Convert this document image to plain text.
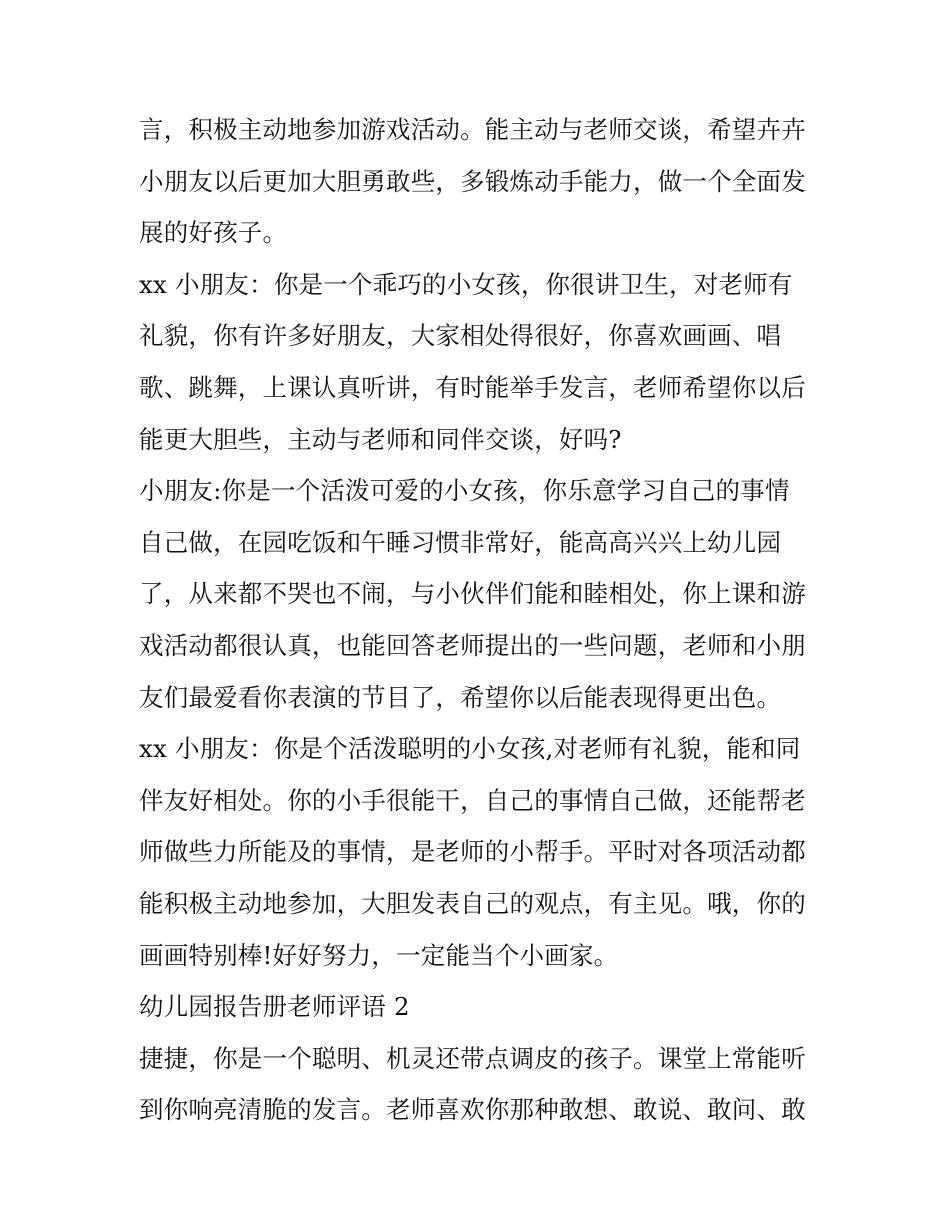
言，积极主动地参加游戏活动。能主动与老师交谈，希望卉卉
小朋友以后更加大胆勇敢些，多锻炼动手能力，做一个全面发
展的好孩子。
xx 小朋友：你是一个乖巧的小女孩，你很讲卫生，对老师有
礼貌，你有许多好朋友，大家相处得很好，你喜欢画画、唱
歌、跳舞，上课认真听讲，有时能举手发言，老师希望你以后
能更大胆些，主动与老师和同伴交谈，好吗?
小朋友:你是一个活泼可爱的小女孩，你乐意学习自己的事情
自己做，在园吃饭和午睡习惯非常好，能高高兴兴上幼儿园
了，从来都不哭也不闹，与小伙伴们能和睦相处，你上课和游
戏活动都很认真，也能回答老师提出的一些问题，老师和小朋
友们最爱看你表演的节目了，希望你以后能表现得更出色。
xx 小朋友：你是个活泼聪明的小女孩,对老师有礼貌，能和同
伴友好相处。你的小手很能干，自己的事情自己做，还能帮老
师做些力所能及的事情，是老师的小帮手。平时对各项活动都
能积极主动地参加，大胆发表自己的观点，有主见。哦，你的
画画特别棒!好好努力，一定能当个小画家。
幼儿园报告册老师评语 2
捷捷，你是一个聪明、机灵还带点调皮的孩子。课堂上常能听
到你响亮清脆的发言。老师喜欢你那种敢想、敢说、敢问、敢
